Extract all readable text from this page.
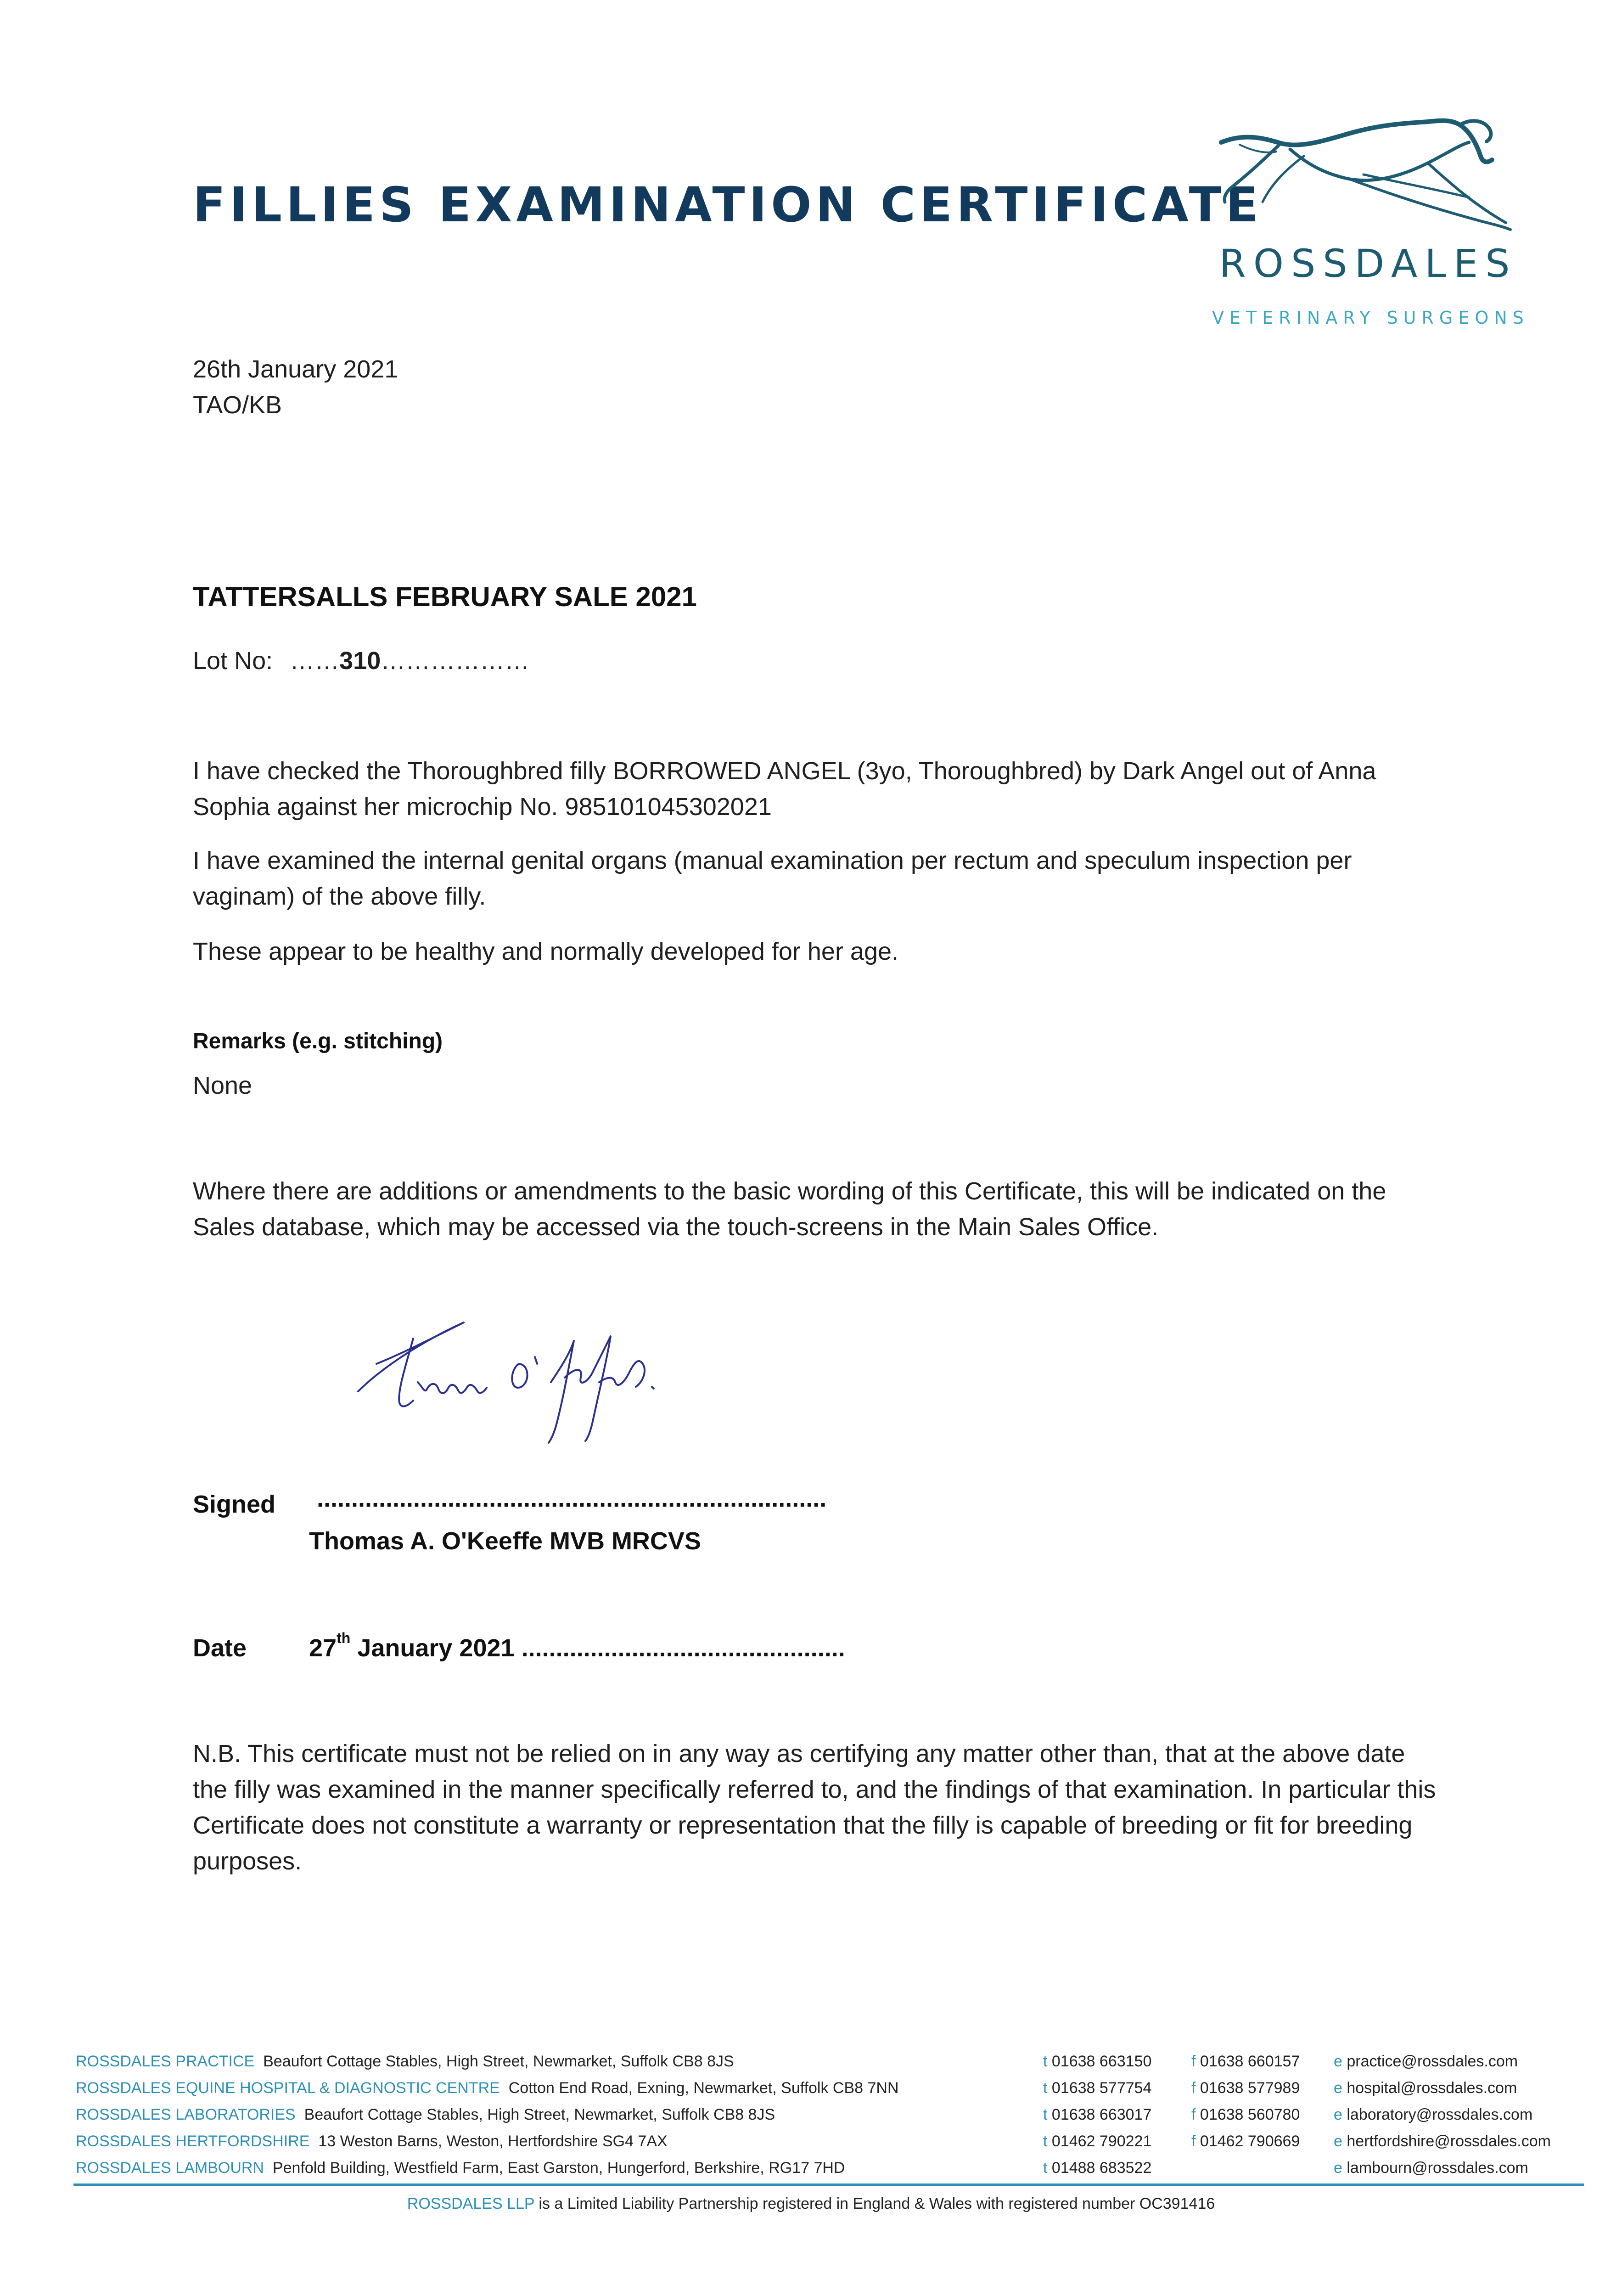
FILLIES EXAMINATION CERTIFICATE
ROSSDALES
VETERINARY SURGEONS
26th January 2021
TAO/KB
TATTERSALLS FEBRUARY SALE 2021
Lot No: ……310………………
I have checked the Thoroughbred filly BORROWED ANGEL (3yo, Thoroughbred) by Dark Angel out of Anna Sophia against her microchip No. 985101045302021
I have examined the internal genital organs (manual examination per rectum and speculum inspection per vaginam) of the above filly.
These appear to be healthy and normally developed for her age.
Remarks (e.g. stitching)
None
Where there are additions or amendments to the basic wording of this Certificate, this will be indicated on the Sales database, which may be accessed via the touch-screens in the Main Sales Office.
Signed ..........................................................................
Thomas A. O'Keeffe MVB MRCVS
Date	27th January 2021 ...............................................
N.B. This certificate must not be relied on in any way as certifying any matter other than, that at the above date the filly was examined in the manner specifically referred to, and the findings of that examination. In particular this Certificate does not constitute a warranty or representation that the filly is capable of breeding or fit for breeding purposes.
ROSSDALES PRACTICE Beaufort Cottage Stables, High Street, Newmarket, Suffolk CB8 8JS	t 01638 663150	f 01638 660157 e practice@rossdales.com
ROSSDALES EQUINE HOSPITAL & DIAGNOSTIC CENTRE Cotton End Road, Exning, Newmarket, Suffolk CB8 7NN	t 01638 577754	f 01638 577989 e hospital@rossdales.com
ROSSDALES LABORATORIES Beaufort Cottage Stables, High Street, Newmarket, Suffolk CB8 8JS	t 01638 663017	f 01638 560780 e laboratory@rossdales.com
ROSSDALES HERTFORDSHIRE 13 Weston Barns, Weston, Hertfordshire SG4 7AX	t 01462 790221	f 01462 790669 e hertfordshire@rossdales.com
ROSSDALES LAMBOURN Penfold Building, Westfield Farm, East Garston, Hungerford, Berkshire, RG17 7HD	t 01488 683522	e lambourn@rossdales.com
ROSSDALES LLP is a Limited Liability Partnership registered in England & Wales with registered number OC391416
